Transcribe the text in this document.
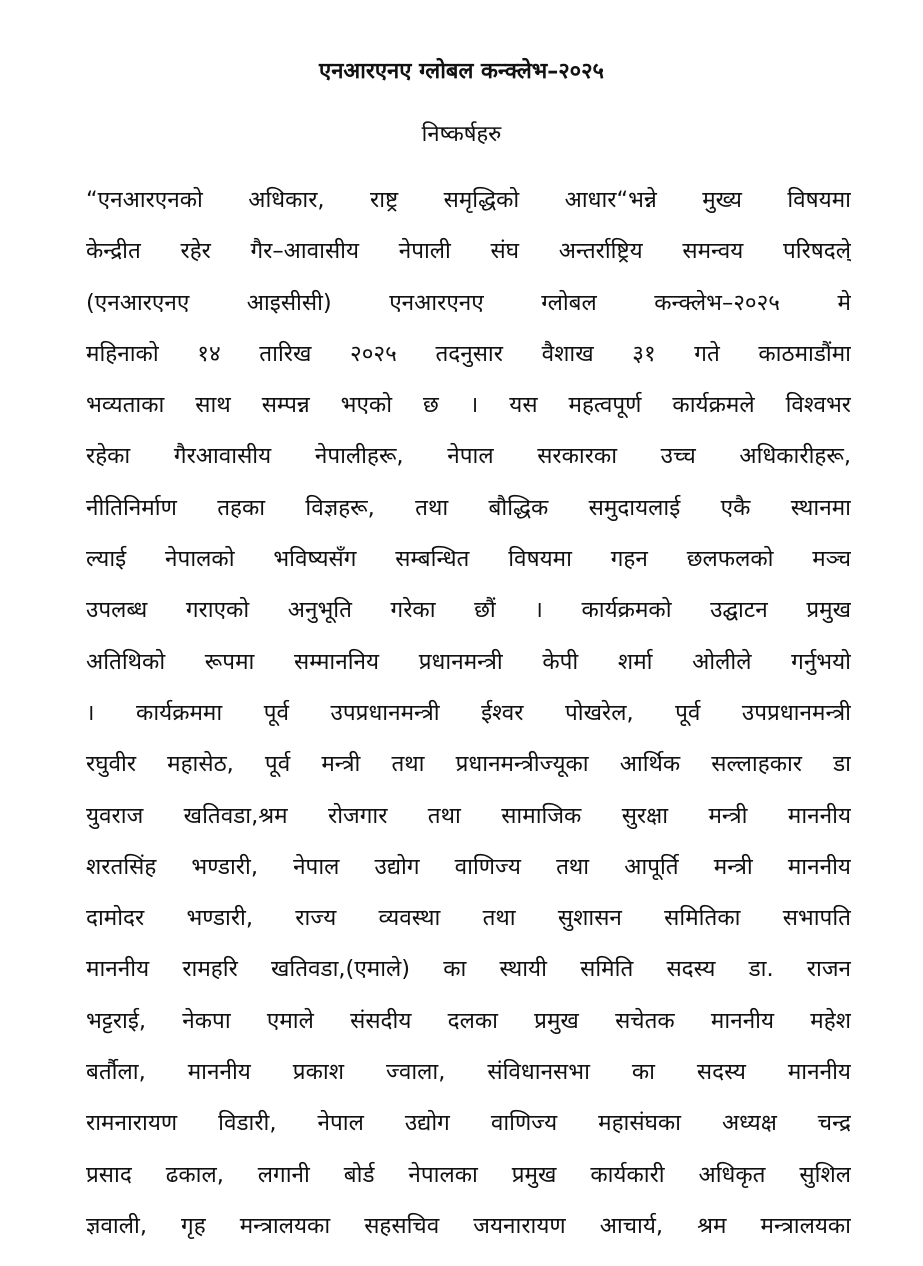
एनआरएनए ग्लोबल कन्क्लेभ–२०२५
निष्कर्षहरु
“एनआरएनको अधिकार, राष्ट्र समृद्धिको आधार“भन्ने मुख्य विषयमा
केन्द्रीत रहेर गैर–आवासीय नेपाली संघ अन्तर्राष्ट्रिय समन्वय परिषदले्
(एनआरएनए आइसीसी) एनआरएनए ग्लोबल कन्क्लेभ–२०२५ मे
महिनाको १४ तारिख २०२५ तदनुसार वैशाख ३१ गते काठमाडौंमा
भव्यताका साथ सम्पन्न भएको छ । यस महत्वपूर्ण कार्यक्रमले विश्वभर
रहेका गैरआवासीय नेपालीहरू, नेपाल सरकारका उच्च अधिकारीहरू,
नीतिनिर्माण तहका विज्ञहरू, तथा बौद्धिक समुदायलाई एकै स्थानमा
ल्याई नेपालको भविष्यसँग सम्बन्धित विषयमा गहन छलफलको मञ्च
उपलब्ध गराएको अनुभूति गरेका छौं । कार्यक्रमको उद्घाटन प्रमुख
अतिथिको रूपमा सम्माननिय प्रधानमन्त्री केपी शर्मा ओलीले गर्नुभयो
। कार्यक्रममा पूर्व उपप्रधानमन्त्री ईश्वर पोखरेल, पूर्व उपप्रधानमन्त्री
रघुवीर महासेठ, पूर्व मन्त्री तथा प्रधानमन्त्रीज्यूका आर्थिक सल्लाहकार डा
युवराज खतिवडा,श्रम रोजगार तथा सामाजिक सुरक्षा मन्त्री माननीय
शरतसिंह भण्डारी, नेपाल उद्योग वाणिज्य तथा आपूर्ति मन्त्री माननीय
दामोदर भण्डारी, राज्य व्यवस्था तथा सुशासन समितिका सभापति
माननीय रामहरि खतिवडा,(एमाले) का स्थायी समिति सदस्य डा. राजन
भट्टराई, नेकपा एमाले संसदीय दलका प्रमुख सचेतक माननीय महेश
बर्तौला, माननीय प्रकाश ज्वाला, संविधानसभा का सदस्य माननीय
रामनारायण विडारी, नेपाल उद्योग वाणिज्य महासंघका अध्यक्ष चन्द्र
प्रसाद ढकाल, लगानी बोर्ड नेपालका प्रमुख कार्यकारी अधिकृत सुशिल
ज्ञवाली, गृह मन्त्रालयका सहसचिव जयनारायण आचार्य, श्रम मन्त्रालयका
